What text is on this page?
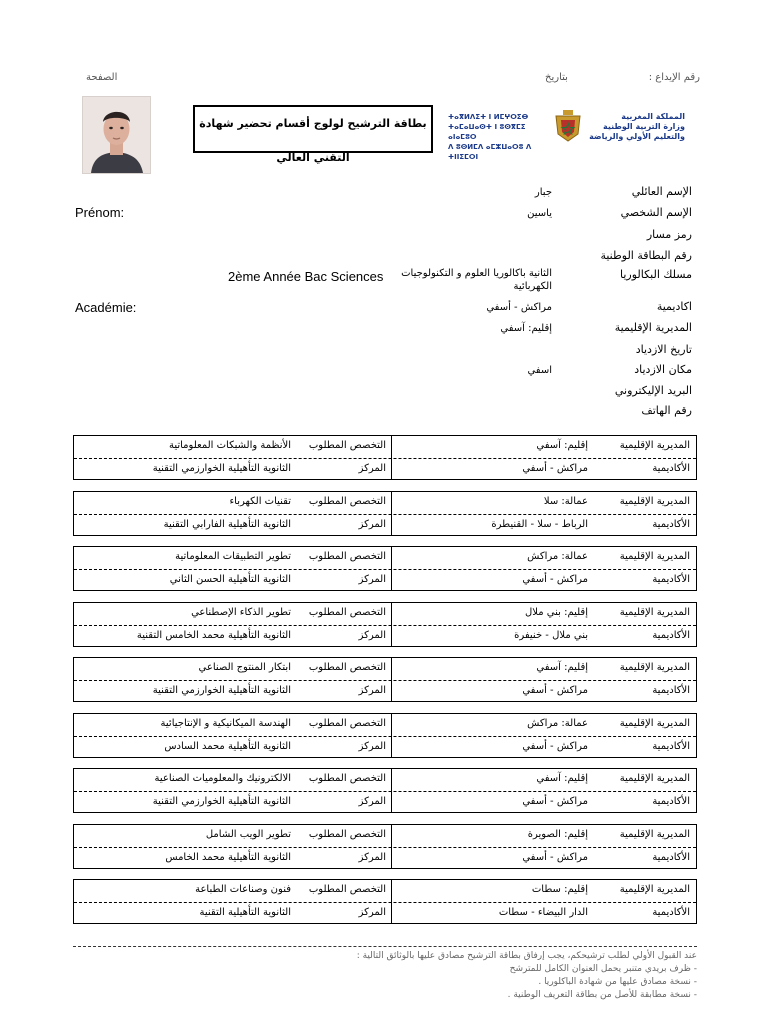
الصفحة	بتاريخ	رقم الإيداع :
بطاقة الترشيح لولوج أقسام تحضير شهادة التقني العالي
ⵜⴰⴳⵍⴷⵉⵜ ⵏ ⵍⵎⵖⵔⵉⴱ
ⵜⴰⵎⴰⵡⴰⵙⵜ ⵏ ⵓⵙⴳⵎⵉ ⴰⵏⴰⵎⵓⵔ
ⴷ ⵓⵙⵍⵎⴷ ⴰⵎⵣⵡⴰⵔⵓ ⴷ ⵜⵏⵏⵉⵎⵔⵏ
المملكة المغربية
وزارة التربية الوطنية
والتعليم الأولي والرياضة
الإسم العائلي
جبار
الإسم الشخصي
ياسين
Prénom:
رمز مسار
رقم البطاقة الوطنية
مسلك البكالوريا
الثانية باكالوريا العلوم و التكنولوجيات الكهربائية
2ème Année Bac Sciences
اكاديمية
مراكش - أسفي
Académie:
المديرية الإقليمية
إقليم: آسفي
تاريخ الازدياد
مكان الازدياد
اسفي
البريد الإليكتروني
رقم الهاتف
المديرية الإقليمية
إقليم: آسفي
الأكاديمية
مراكش - أسفي
التخصص المطلوب
الأنظمة والشبكات المعلوماتية
المركز
الثانوية التأهيلية الخوارزمي التقنية
المديرية الإقليمية
عمالة: سلا
الأكاديمية
الرباط - سلا - القنيطرة
التخصص المطلوب
تقنيات الكهرباء
المركز
الثانوية التأهيلية الفارابي التقنية
المديرية الإقليمية
عمالة: مراكش
الأكاديمية
مراكش - أسفي
التخصص المطلوب
تطوير التطبيقات المعلوماتية
المركز
الثانوية التأهيلية الحسن الثاني
المديرية الإقليمية
إقليم: بني ملال
الأكاديمية
بني ملال - خنيفرة
التخصص المطلوب
تطوير الذكاء الإصطناعي
المركز
الثانوية التأهيلية محمد الخامس التقنية
المديرية الإقليمية
إقليم: آسفي
الأكاديمية
مراكش - أسفي
التخصص المطلوب
ابتكار المنتوج الصناعي
المركز
الثانوية التأهيلية الخوارزمي التقنية
المديرية الإقليمية
عمالة: مراكش
الأكاديمية
مراكش - أسفي
التخصص المطلوب
الهندسة الميكانيكية و الإنتاجيائية
المركز
الثانوية التأهيلية محمد السادس
المديرية الإقليمية
إقليم: آسفي
الأكاديمية
مراكش - أسفي
التخصص المطلوب
الالكترونيك والمعلوميات الصناعية
المركز
الثانوية التأهيلية الخوارزمي التقنية
المديرية الإقليمية
إقليم: الصويرة
الأكاديمية
مراكش - أسفي
التخصص المطلوب
تطوير الويب الشامل
المركز
الثانوية التأهيلية محمد الخامس
المديرية الإقليمية
إقليم: سطات
الأكاديمية
الدار البيضاء - سطات
التخصص المطلوب
فنون وصناعات الطباعة
المركز
الثانوية التأهيلية التقنية
عند القبول الأولي لطلب ترشيحكم، يجب إرفاق بطاقة الترشيح مصادق عليها بالوثائق التالية :
- ظرف بريدي متنبر يحمل العنوان الكامل للمترشح
- نسخة مصادق عليها من شهادة الباكلوريا .
- نسخة مطابقة للأصل من بطاقة التعريف الوطنية .
